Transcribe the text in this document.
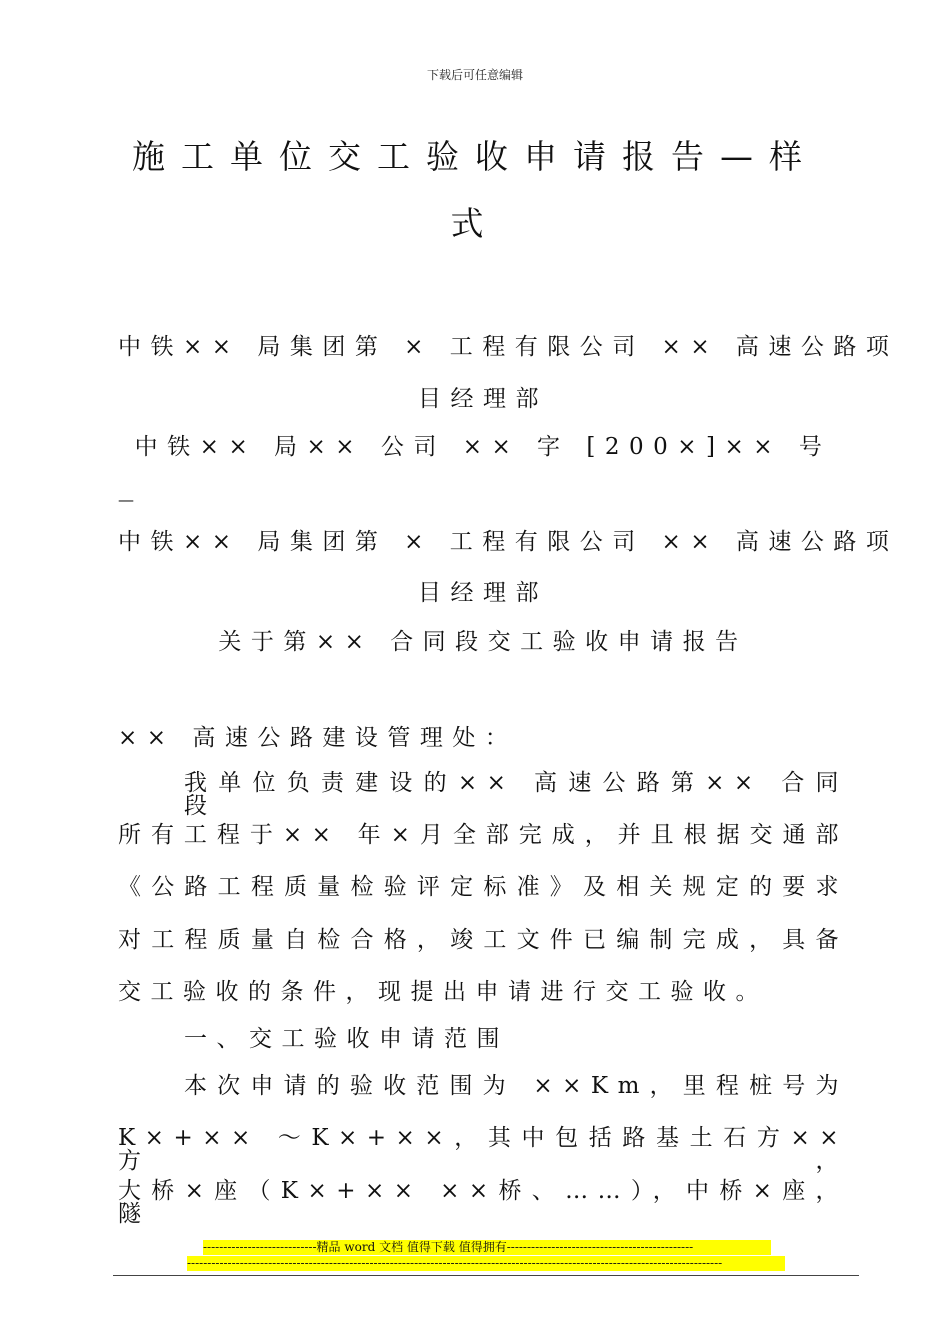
下载后可任意编辑
施工单位交工验收申请报告—样
式
中铁×× 局集团第 × 工程有限公司 ×× 高速公路项
目经理部
中铁×× 局×× 公司 ×× 字 [200×]×× 号
—
中铁×× 局集团第 × 工程有限公司 ×× 高速公路项
目经理部
关于第×× 合同段交工验收申请报告
×× 高速公路建设管理处：
我单位负责建设的×× 高速公路第×× 合同段
所有工程于×× 年×月全部完成，并且根据交通部
《公路工程质量检验评定标准》及相关规定的要求
对工程质量自检合格，竣工文件已编制完成，具备
交工验收的条件，现提出申请进行交工验收。
一、交工验收申请范围
本次申请的验收范围为 ××Km，里程桩号为
K×+×× ～K×+××，其中包括路基土石方×× 方，
大桥×座（K×+×× ××桥、……），中桥×座，隧
----------------------------精品 word 文档 值得下载 值得拥有----------------------------------------------
------------------------------------------------------------------------------------------------------------------------------------
